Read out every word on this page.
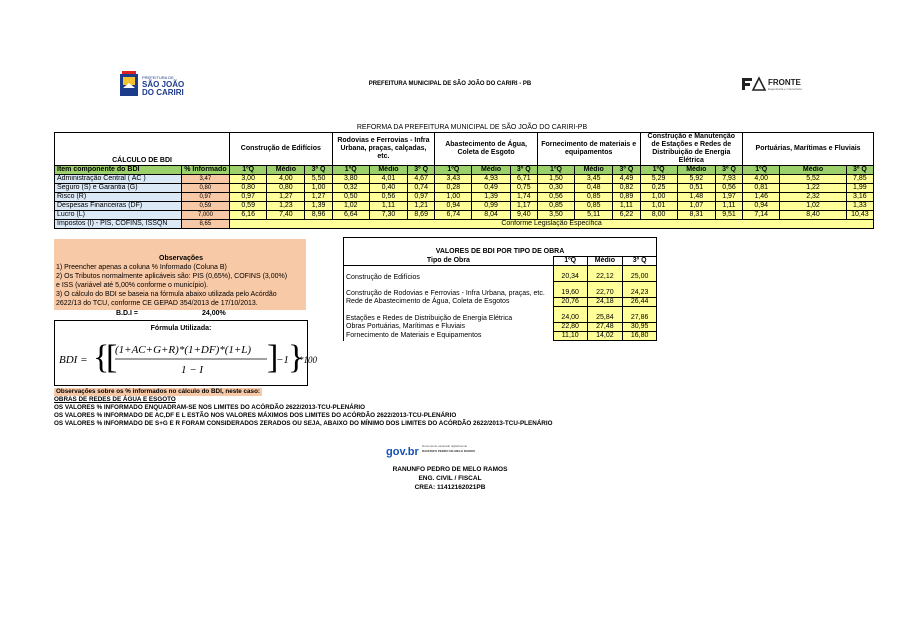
PREFEITURA DE
SÃO JOÃO
DO CARIRI
PREFEITURA MUNICIPAL DE SÃO JOÃO DO CARIRI - PB	FRONTE
Engenharia e Consultoria
REFORMA DA PREFEITURA MUNICIPAL DE SÃO JOÃO DO CARIRI-PB
CÁLCULO DE BDI		Construção de Edifícios			Rodovias e Ferrovias - Infra Urbana, praças, calçadas, etc.			Abastecimento de Água, Coleta de Esgoto			Fornecimento de materiais e equipamentos			Construção e Manutenção de Estações e Redes de Distribuição de Energia Elétrica			Portuárias, Marítimas e Fluviais		
Item componente do BDI	% Informado	1ºQ	Médio	3º Q	1ºQ	Médio	3º Q	1ºQ	Médio	3º Q	1ºQ	Médio	3º Q	1ºQ	Médio	3º Q	1ºQ	Médio	3º Q
Administração Central ( AC )	3,47	3,00	4,00	5,50	3,80	4,01	4,67	3,43	4,93	6,71	1,50	3,45	4,49	5,29	5,92	7,93	4,00	5,52	7,85
Seguro (S) e Garantia (G)	0,80	0,80	0,80	1,00	0,32	0,40	0,74	0,28	0,49	0,75	0,30	0,48	0,82	0,25	0,51	0,56	0,81	1,22	1,99
Risco (R)	0,97	0,97	1,27	1,27	0,50	0,56	0,97	1,00	1,39	1,74	0,56	0,85	0,89	1,00	1,48	1,97	1,46	2,32	3,16
Despesas Financeiras (DF)	0,59	0,59	1,23	1,39	1,02	1,11	1,21	0,94	0,99	1,17	0,85	0,85	1,11	1,01	1,07	1,11	0,94	1,02	1,33
Lucro (L)	7,000	6,16	7,40	8,96	6,64	7,30	8,69	6,74	8,04	9,40	3,50	5,11	6,22	8,00	8,31	9,51	7,14	8,40	10,43
Impostos (I) - PIS, COFINS, ISSQN	8,65	Conforme Legislação Específica																	
Observações
1) Preencher apenas a coluna % Informado (Coluna B)
2) Os Tributos normalmente aplicáveis são: PIS (0,65%), COFINS (3,00%)
e ISS (variável até 5,00% conforme o município).
3) O cálculo do BDI se baseia na fórmula abaixo utilizada pelo Acórdão
2622/13 do TCU, conforme CE GEPAD 354/2013 de 17/10/2013.
B.D.I =	24,00%
Fórmula Utilizada:
BDI = {
[
(1+AC+G+R)*(1+DF)*(1+L)
1 − I ]
−1 }
*100
VALORES DE BDI POR TIPO DE OBRA			
Tipo de Obra	1ºQ	Médio	3º Q
Construção de Edifícios	20,34	22,12	25,00
Construção de Rodovias e Ferrovias - Infra Urbana, praças, etc.	19,60	22,70	24,23
Rede de Abastecimento de Água, Coleta de Esgotos	20,76	24,18	26,44
Estações e Redes de Distribuição de Energia Elétrica	24,00	25,84	27,86
Obras Portuárias, Marítimas e Fluviais	22,80	27,48	30,95
Fornecimento de Materiais e Equipamentos	11,10	14,02	16,80
Observações sobre os % informados no cálculo do BDI, neste caso:
OBRAS DE REDES DE ÁGUA E ESGOTO
OS VALORES % INFORMADO ENQUADRAM-SE NOS LIMITES DO ACÓRDÃO 2622/2013-TCU-PLENÁRIO
OS VALORES % INFORMADO DE AC,DF E L ESTÃO NOS VALORES MÁXIMOS DOS LIMITES DO ACÓRDÃO 2622/2013-TCU-PLENÁRIO
OS VALORES % INFORMADO DE S+G E R FORAM CONSIDERADOS ZERADOS OU SEJA, ABAIXO DO MÍNIMO DOS LIMITES DO ACÓRDÃO 2622/2013-TCU-PLENÁRIO
gov.br Documento assinado digitalmente
RANUNFO PEDRO DE MELO RAMOS
RANUNFO PEDRO DE MELO RAMOS
ENG. CIVIL / FISCAL
CREA: 11412162021PB
